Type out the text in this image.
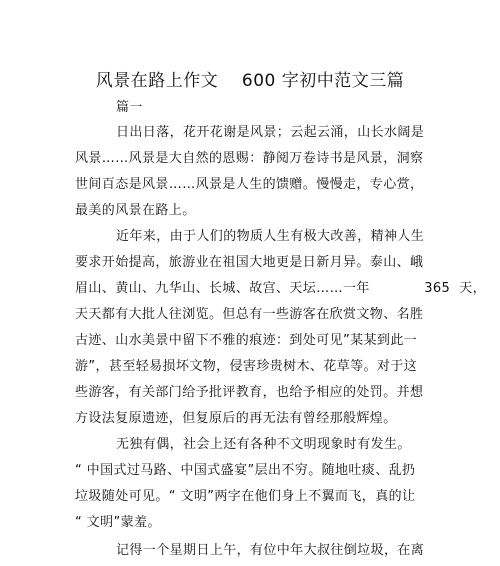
风景在路上作文    600 字初中范文三篇
篇一
日出日落，花开花谢是风景；云起云涌，山长水阔是
风景……风景是大自然的恩赐：静阅万卷诗书是风景，洞察
世间百态是风景……风景是人生的馈赠。慢慢走，专心赏，
最美的风景在路上。
近年来，由于人们的物质人生有极大改善，精神人生
要求开始提高，旅游业在祖国大地更是日新月异。泰山、峨
眉山、黄山、九华山、长城、故宫、天坛……一年            365  天，
天天都有大批人往浏览。但总有一些游客在欣赏文物、名胜
古迹、山水美景中留下不雅的痕迹：到处可见”某某到此一
游”，甚至轻易损坏文物，侵害珍贵树木、花草等。对于这
些游客，有关部门给予批评教育，也给予相应的处罚。并想
方设法复原遗迹，但复原后的再无法有曾经那般辉煌。
无独有偶，社会上还有各种不文明现象时有发生。
“ 中国式过马路、中国式盛宴”层出不穷。随地吐痰、乱扔
垃圾随处可见。“ 文明”两字在他们身上不翼而飞，真的让
“ 文明”蒙羞。
记得一个星期日上午，有位中年大叔往倒垃圾，在离
